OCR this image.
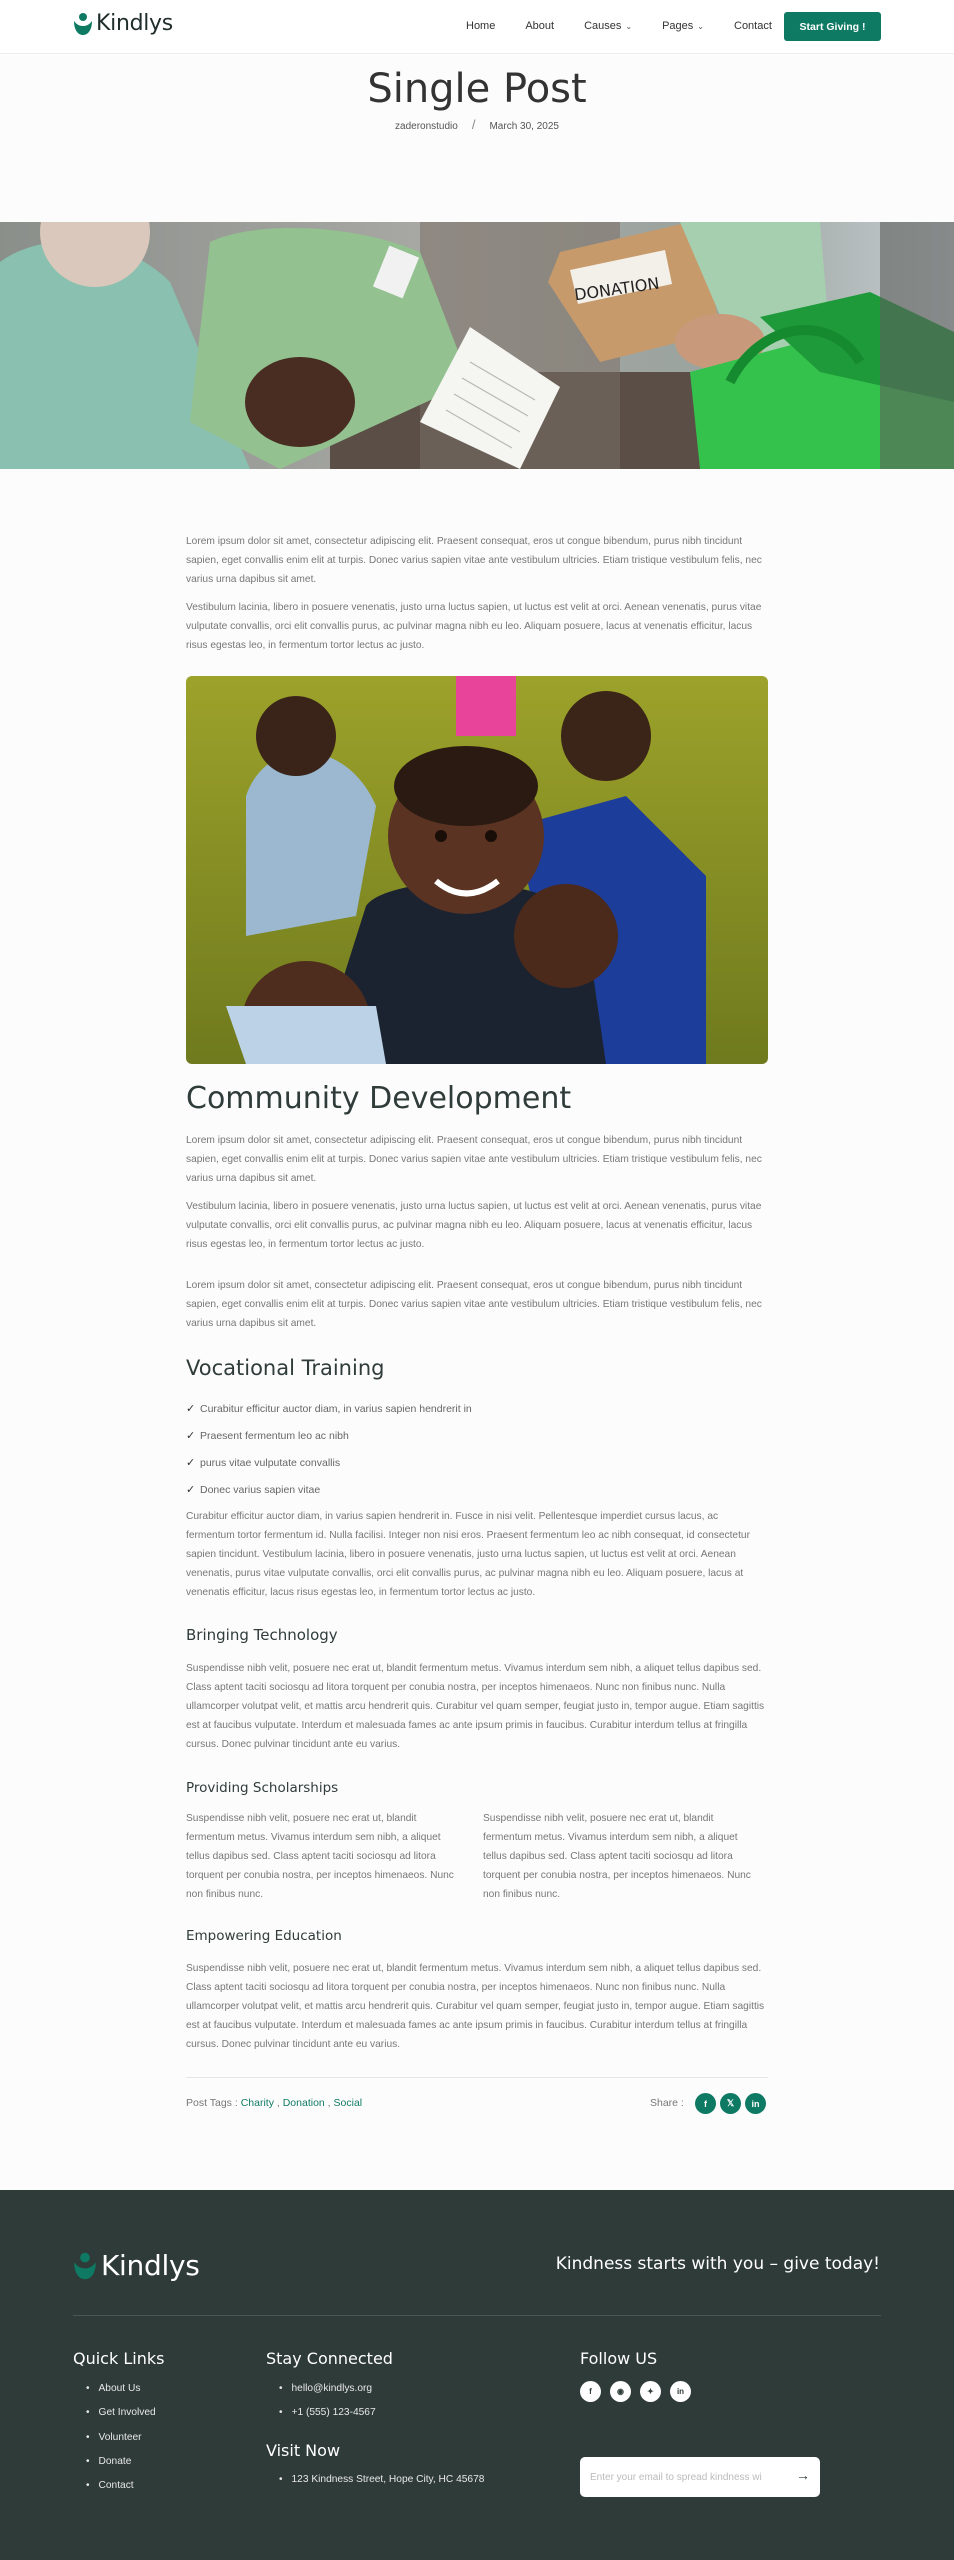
Kindlys	Home	About	Causes ⌄	Pages ⌄	Contact	Start Giving !
Single Post
zaderonstudio / March 30, 2025
DONATION

Lorem ipsum dolor sit amet, consectetur adipiscing elit. Praesent consequat, eros ut congue bibendum, purus nibh tincidunt sapien, eget convallis enim elit at turpis. Donec varius sapien vitae ante vestibulum ultricies. Etiam tristique vestibulum felis, nec varius urna dapibus sit amet.

Vestibulum lacinia, libero in posuere venenatis, justo urna luctus sapien, ut luctus est velit at orci. Aenean venenatis, purus vitae vulputate convallis, orci elit convallis purus, ac pulvinar magna nibh eu leo. Aliquam posuere, lacus at venenatis efficitur, lacus risus egestas leo, in fermentum tortor lectus ac justo.

Community Development

Lorem ipsum dolor sit amet, consectetur adipiscing elit. Praesent consequat, eros ut congue bibendum, purus nibh tincidunt sapien, eget convallis enim elit at turpis. Donec varius sapien vitae ante vestibulum ultricies. Etiam tristique vestibulum felis, nec varius urna dapibus sit amet.

Vestibulum lacinia, libero in posuere venenatis, justo urna luctus sapien, ut luctus est velit at orci. Aenean venenatis, purus vitae vulputate convallis, orci elit convallis purus, ac pulvinar magna nibh eu leo. Aliquam posuere, lacus at venenatis efficitur, lacus risus egestas leo, in fermentum tortor lectus ac justo.

Lorem ipsum dolor sit amet, consectetur adipiscing elit. Praesent consequat, eros ut congue bibendum, purus nibh tincidunt sapien, eget convallis enim elit at turpis. Donec varius sapien vitae ante vestibulum ultricies. Etiam tristique vestibulum felis, nec varius urna dapibus sit amet.

Vocational Training
✓ Curabitur efficitur auctor diam, in varius sapien hendrerit in
✓ Praesent fermentum leo ac nibh
✓ purus vitae vulputate convallis
✓ Donec varius sapien vitae

Curabitur efficitur auctor diam, in varius sapien hendrerit in. Fusce in nisi velit. Pellentesque imperdiet cursus lacus, ac fermentum tortor fermentum id. Nulla facilisi. Integer non nisi eros. Praesent fermentum leo ac nibh consequat, id consectetur sapien tincidunt. Vestibulum lacinia, libero in posuere venenatis, justo urna luctus sapien, ut luctus est velit at orci. Aenean venenatis, purus vitae vulputate convallis, orci elit convallis purus, ac pulvinar magna nibh eu leo. Aliquam posuere, lacus at venenatis efficitur, lacus risus egestas leo, in fermentum tortor lectus ac justo.

Bringing Technology

Suspendisse nibh velit, posuere nec erat ut, blandit fermentum metus. Vivamus interdum sem nibh, a aliquet tellus dapibus sed. Class aptent taciti sociosqu ad litora torquent per conubia nostra, per inceptos himenaeos. Nunc non finibus nunc. Nulla ullamcorper volutpat velit, et mattis arcu hendrerit quis. Curabitur vel quam semper, feugiat justo in, tempor augue. Etiam sagittis est at faucibus vulputate. Interdum et malesuada fames ac ante ipsum primis in faucibus. Curabitur interdum tellus at fringilla cursus. Donec pulvinar tincidunt ante eu varius.

Providing Scholarships

Suspendisse nibh velit, posuere nec erat ut, blandit fermentum metus. Vivamus interdum sem nibh, a aliquet tellus dapibus sed. Class aptent taciti sociosqu ad litora torquent per conubia nostra, per inceptos himenaeos. Nunc non finibus nunc.

Suspendisse nibh velit, posuere nec erat ut, blandit fermentum metus. Vivamus interdum sem nibh, a aliquet tellus dapibus sed. Class aptent taciti sociosqu ad litora torquent per conubia nostra, per inceptos himenaeos. Nunc non finibus nunc.

Empowering Education

Suspendisse nibh velit, posuere nec erat ut, blandit fermentum metus. Vivamus interdum sem nibh, a aliquet tellus dapibus sed. Class aptent taciti sociosqu ad litora torquent per conubia nostra, per inceptos himenaeos. Nunc non finibus nunc. Nulla ullamcorper volutpat velit, et mattis arcu hendrerit quis. Curabitur vel quam semper, feugiat justo in, tempor augue. Etiam sagittis est at faucibus vulputate. Interdum et malesuada fames ac ante ipsum primis in faucibus. Curabitur interdum tellus at fringilla cursus. Donec pulvinar tincidunt ante eu varius.

Post Tags : Charity , Donation , Social	Share :	f	𝕏	in
Kindlys	Kindness starts with you – give today!
Quick Links
• About Us
• Get Involved
• Volunteer
• Donate
• Contact
Stay Connected
• hello@kindlys.org
• +1 (555) 123-4567
Visit Now
• 123 Kindness Street, Hope City, HC 45678
Follow US
f	◉	✦	in
Enter your email to spread kindness wi
→
